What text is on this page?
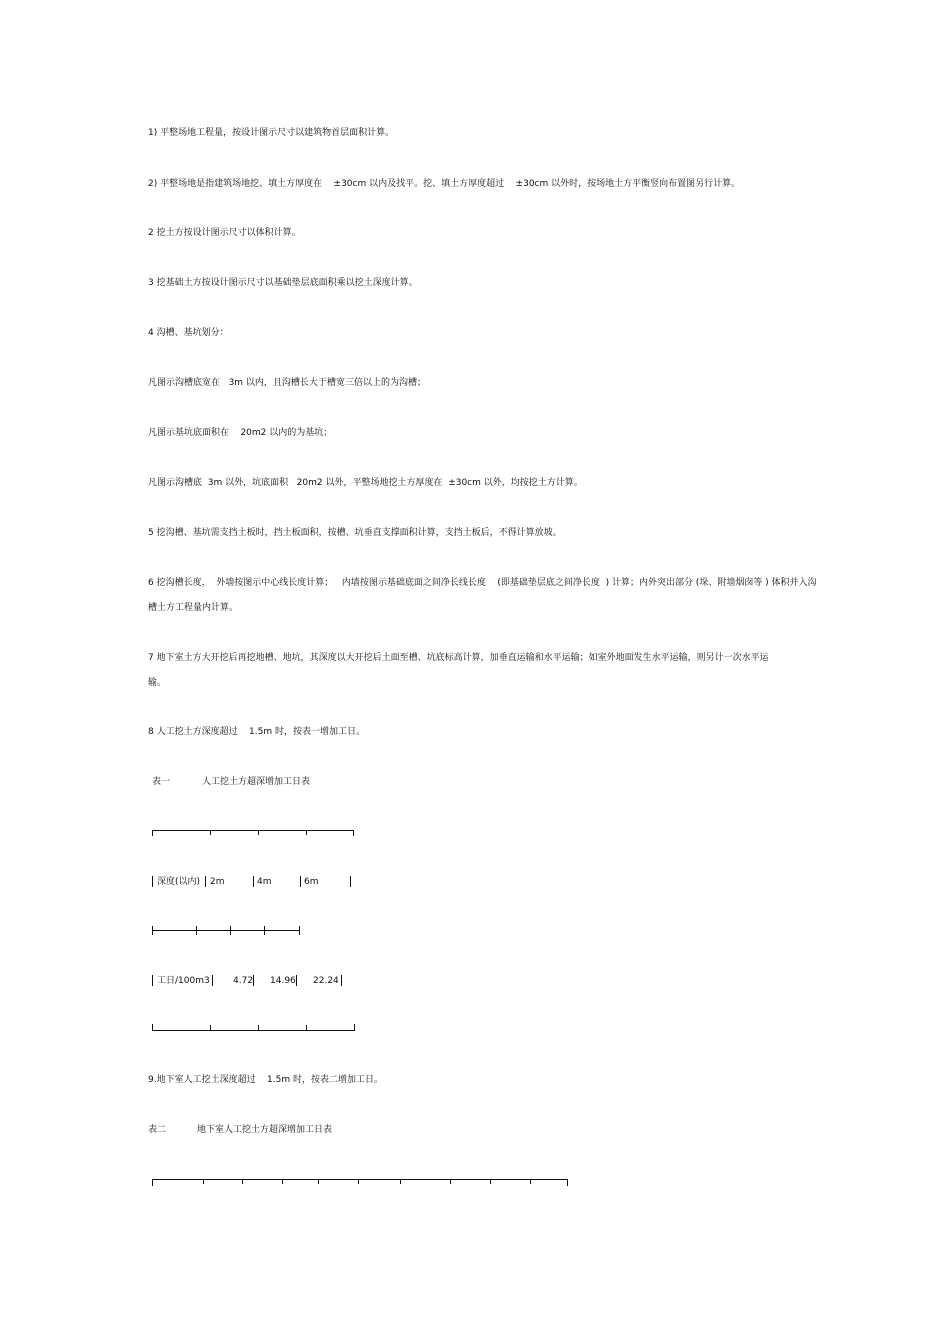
1) 平整场地工程量，按设计图示尺寸以建筑物首层面积计算。
2) 平整场地是指建筑场地挖、填土方厚度在    ±30cm 以内及找平。挖、填土方厚度超过    ±30cm 以外时，按场地土方平衡竖向布置图另行计算。
2 挖土方按设计图示尺寸以体积计算。
3 挖基础土方按设计图示尺寸以基础垫层底面积乘以挖土深度计算。
4 沟槽、基坑划分：
凡图示沟槽底宽在   3m 以内，且沟槽长大于槽宽三倍以上的为沟槽；
凡图示基坑底面积在    20m2 以内的为基坑；
凡图示沟槽底  3m 以外，坑底面积   20m2 以外，平整场地挖土方厚度在  ±30cm 以外，均按挖土方计算。
5 挖沟槽、基坑需支挡土板时，挡土板面积，按槽、坑垂直支撑面积计算，支挡土板后，不得计算放坡。
6 挖沟槽长度，  外墙按图示中心线长度计算；   内墙按图示基础底面之间净长线长度    (即基础垫层底之间净长度  ) 计算；内外突出部分 (垛、附墙烟囱等 ) 体积并入沟
槽土方工程量内计算。
7 地下室土方大开挖后再挖地槽、地坑，其深度以大开挖后土面至槽、坑底标高计算，加垂直运输和水平运输；如室外地面发生水平运输，则另计一次水平运
输。
8 人工挖土方深度超过    1.5m 时，按表一增加工日。
表一	人工挖土方超深增加工日表
深度(以内) 2m	4m	6m
工日/100m3	4.72 14.96 22.24
9.地下室人工挖土深度超过    1.5m 时，按表二增加工日。
表二	地下室人工挖土方超深增加工日表
